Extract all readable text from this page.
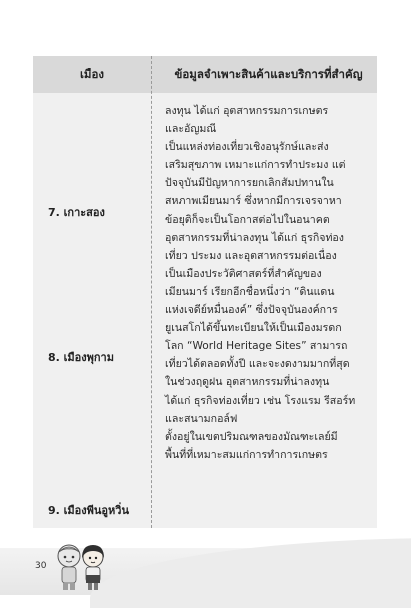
เมือง	ข้อมูลจำเพาะสินค้าและบริการที่สำคัญ
7. เกาะสอง
8. เมืองพุกาม
9. เมืองพีนอูหวิ่น
ลงทุน ได้แก่ อุตสาหกรรมการเกษตร
และอัญมณี
เป็นแหล่งท่องเที่ยวเชิงอนุรักษ์และส่ง
เสริมสุขภาพ เหมาะแก่การทำประมง แต่
ปัจจุบันมีปัญหาการยกเลิกสัมปทานใน
สหภาพเมียนมาร์ ซึ่งหากมีการเจรจาหา
ข้อยุติก็จะเป็นโอกาสต่อไปในอนาคต
อุตสาหกรรมที่น่าลงทุน ได้แก่ ธุรกิจท่อง
เที่ยว ประมง และอุตสาหกรรมต่อเนื่อง
เป็นเมืองประวัติศาสตร์ที่สำคัญของ
เมียนมาร์ เรียกอีกชื่อหนึ่งว่า “ดินแดน
แห่งเจดีย์หมื่นองค์” ซึ่งปัจจุบันองค์การ
ยูเนสโกได้ขึ้นทะเบียนให้เป็นเมืองมรดก
โลก “World Heritage Sites” สามารถ
เที่ยวได้ตลอดทั้งปี และจะงดงามมากที่สุด
ในช่วงฤดูฝน อุตสาหกรรมที่น่าลงทุน
ได้แก่ ธุรกิจท่องเที่ยว เช่น โรงแรม รีสอร์ท
และสนามกอล์ฟ
ตั้งอยู่ในเขตปริมณฑลของมัณฑะเลย์มี
พื้นที่ที่เหมาะสมแก่การทำการเกษตร
30
